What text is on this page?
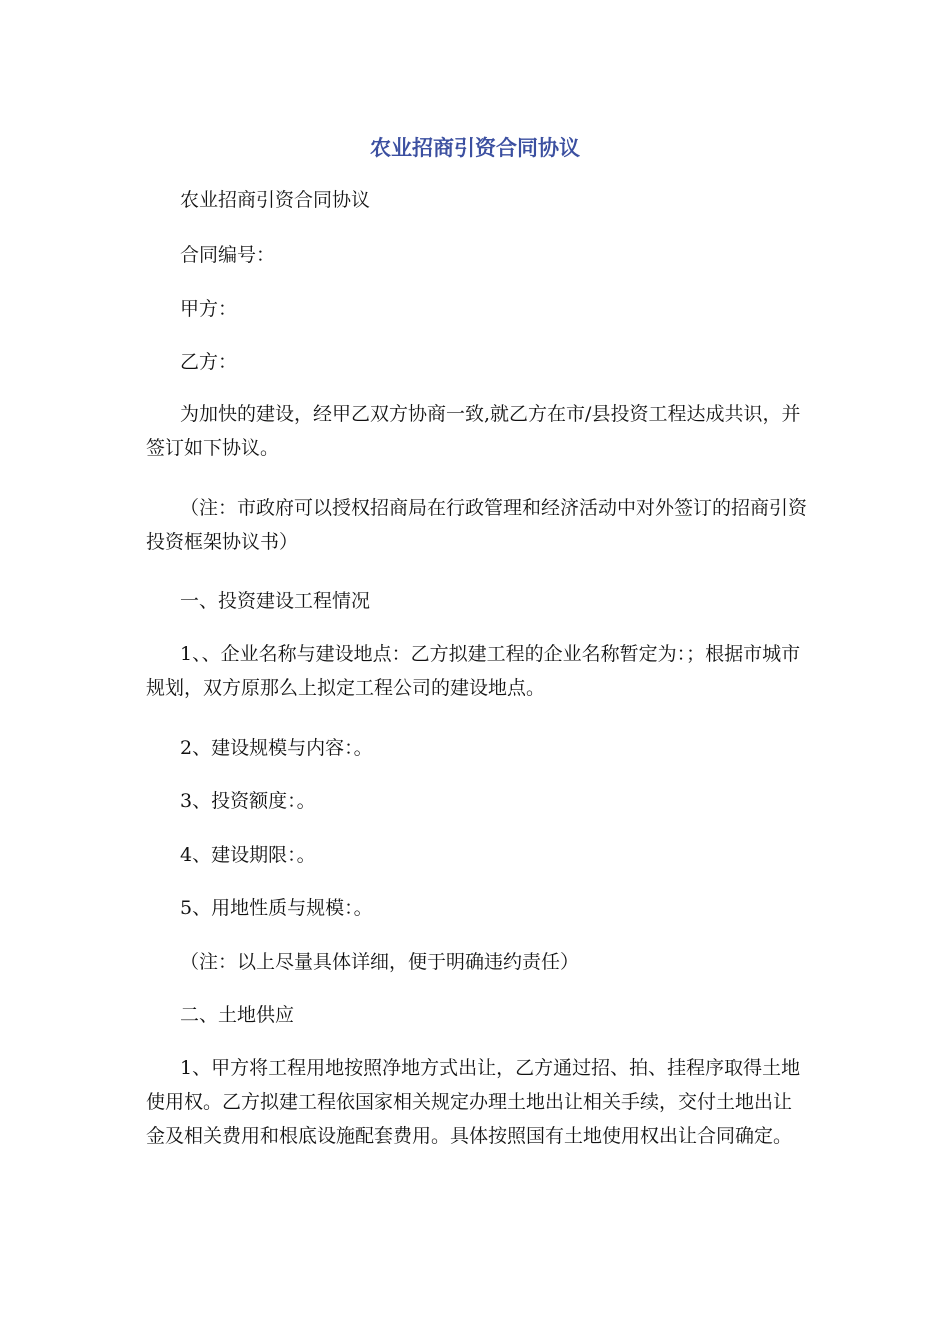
农业招商引资合同协议

农业招商引资合同协议

合同编号：

甲方：

乙方：

为加快的建设，经甲乙双方协商一致,就乙方在市/县投资工程达成共识，并签订如下协议。

（注：市政府可以授权招商局在行政管理和经济活动中对外签订的招商引资投资框架协议书）

一、投资建设工程情况

1、、企业名称与建设地点：乙方拟建工程的企业名称暂定为：；根据市城市规划，双方原那么上拟定工程公司的建设地点。

2、建设规模与内容：。

3、投资额度：。

4、建设期限：。

5、用地性质与规模：。

（注：以上尽量具体详细，便于明确违约责任）

二、土地供应

1、甲方将工程用地按照净地方式出让，乙方通过招、拍、挂程序取得土地使用权。乙方拟建工程依国家相关规定办理土地出让相关手续，交付土地出让金及相关费用和根底设施配套费用。具体按照国有土地使用权出让合同确定。
